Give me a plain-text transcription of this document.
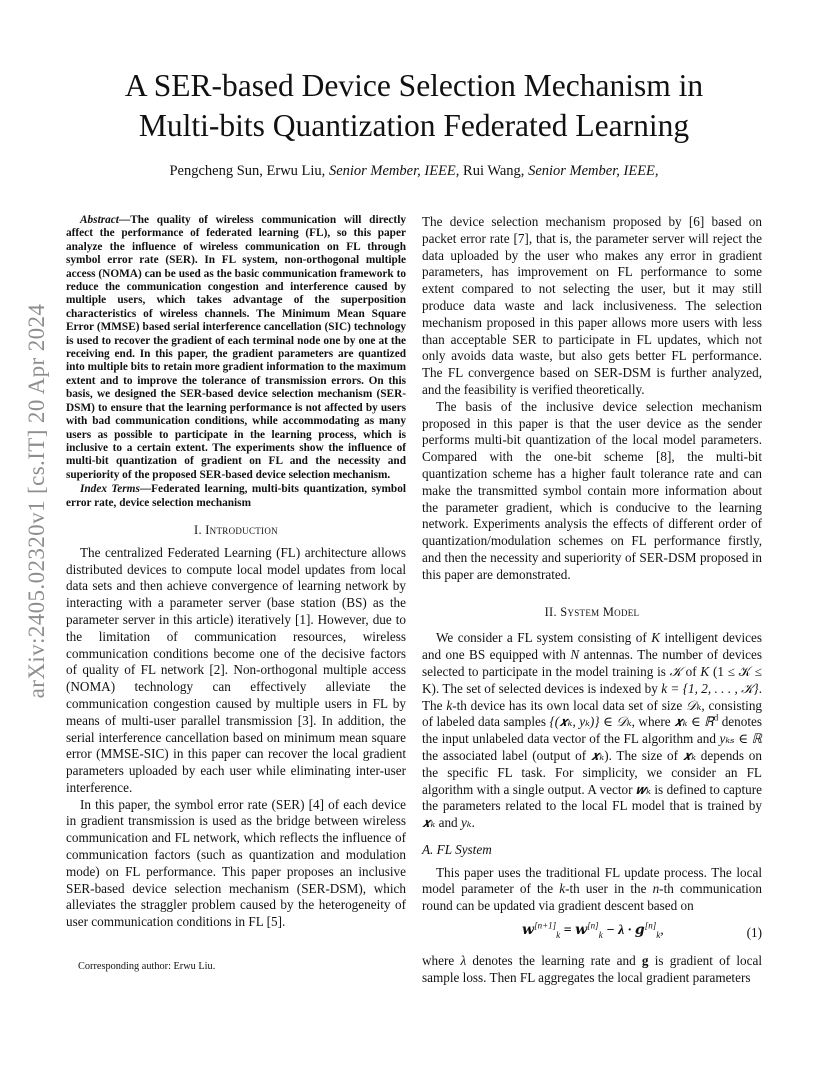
arXiv:2405.02320v1 [cs.IT] 20 Apr 2024
A SER-based Device Selection Mechanism in
Multi-bits Quantization Federated Learning
Pengcheng Sun, Erwu Liu, Senior Member, IEEE, Rui Wang, Senior Member, IEEE,

Abstract—The quality of wireless communication will directly affect the performance of federated learning (FL), so this paper analyze the influence of wireless communication on FL through symbol error rate (SER). In FL system, non-orthogonal multiple access (NOMA) can be used as the basic communication framework to reduce the communication congestion and interference caused by multiple users, which takes advantage of the superposition characteristics of wireless channels. The Minimum Mean Square Error (MMSE) based serial interference cancellation (SIC) technology is used to recover the gradient of each terminal node one by one at the receiving end. In this paper, the gradient parameters are quantized into multiple bits to retain more gradient information to the maximum extent and to improve the tolerance of transmission errors. On this basis, we designed the SER-based device selection mechanism (SER-DSM) to ensure that the learning performance is not affected by users with bad communication conditions, while accommodating as many users as possible to participate in the learning process, which is inclusive to a certain extent. The experiments show the influence of multi-bit quantization of gradient on FL and the necessity and superiority of the proposed SER-based device selection mechanism.

Index Terms—Federated learning, multi-bits quantization, symbol error rate, device selection mechanism

I. Introduction

The centralized Federated Learning (FL) architecture allows distributed devices to compute local model updates from local data sets and then achieve convergence of learning network by interacting with a parameter server (base station (BS) as the parameter server in this article) iteratively [1]. However, due to the limitation of communication resources, wireless communication conditions become one of the decisive factors of quality of FL network [2]. Non-orthogonal multiple access (NOMA) technology can effectively alleviate the communication congestion caused by multiple users in FL by means of multi-user parallel transmission [3]. In addition, the serial interference cancellation based on minimum mean square error (MMSE-SIC) in this paper can recover the local gradient parameters uploaded by each user while eliminating inter-user interference.

In this paper, the symbol error rate (SER) [4] of each device in gradient transmission is used as the bridge between wireless communication and FL network, which reflects the influence of communication factors (such as quantization and modulation mode) on FL performance. This paper proposes an inclusive SER-based device selection mechanism (SER-DSM), which alleviates the straggler problem caused by the heterogeneity of user communication conditions in FL [5].

The device selection mechanism proposed by [6] based on packet error rate [7], that is, the parameter server will reject the data uploaded by the user who makes any error in gradient parameters, has improvement on FL performance to some extent compared to not selecting the user, but it may still produce data waste and lack inclusiveness. The selection mechanism proposed in this paper allows more users with less than acceptable SER to participate in FL updates, which not only avoids data waste, but also gets better FL performance. The FL convergence based on SER-DSM is further analyzed, and the feasibility is verified theoretically.

The basis of the inclusive device selection mechanism proposed in this paper is that the user device as the sender performs multi-bit quantization of the local model parameters. Compared with the one-bit scheme [8], the multi-bit quantization scheme has a higher fault tolerance rate and can make the transmitted symbol contain more information about the parameter gradient, which is conducive to the learning network. Experiments analysis the effects of different order of quantization/modulation schemes on FL performance firstly, and then the necessity and superiority of SER-DSM proposed in this paper are demonstrated.

II. System Model

We consider a FL system consisting of K intelligent devices and one BS equipped with N antennas. The number of devices selected to participate in the model training is 𝒦 of K (1 ≤ 𝒦 ≤ K). The set of selected devices is indexed by k = {1, 2, . . . , 𝒦}. The k-th device has its own local data set of size 𝒟ₖ, consisting of labeled data samples {(𝒙ₖ, yₖ)} ∈ 𝒟ₖ, where 𝒙ₖ ∈ ℝ$^d$ denotes the input unlabeled data vector of the FL algorithm and yₖₛ ∈ ℝ the associated label (output of 𝒙ₖ). The size of 𝒙ₖ depends on the specific FL task. For simplicity, we consider an FL algorithm with a single output. A vector 𝒘ₖ is defined to capture the parameters related to the local FL model that is trained by 𝒙ₖ and yₖ.

A. FL System

This paper uses the traditional FL update process. The local model parameter of the k-th user in the n-th communication round can be updated via gradient descent based on

𝒘[n+1]$_k$ = 𝒘[n]$_k$ − λ · 𝒈[n]$_k$,	(1)

where λ denotes the learning rate and g is gradient of local sample loss. Then FL aggregates the local gradient parameters

Corresponding author: Erwu Liu.
